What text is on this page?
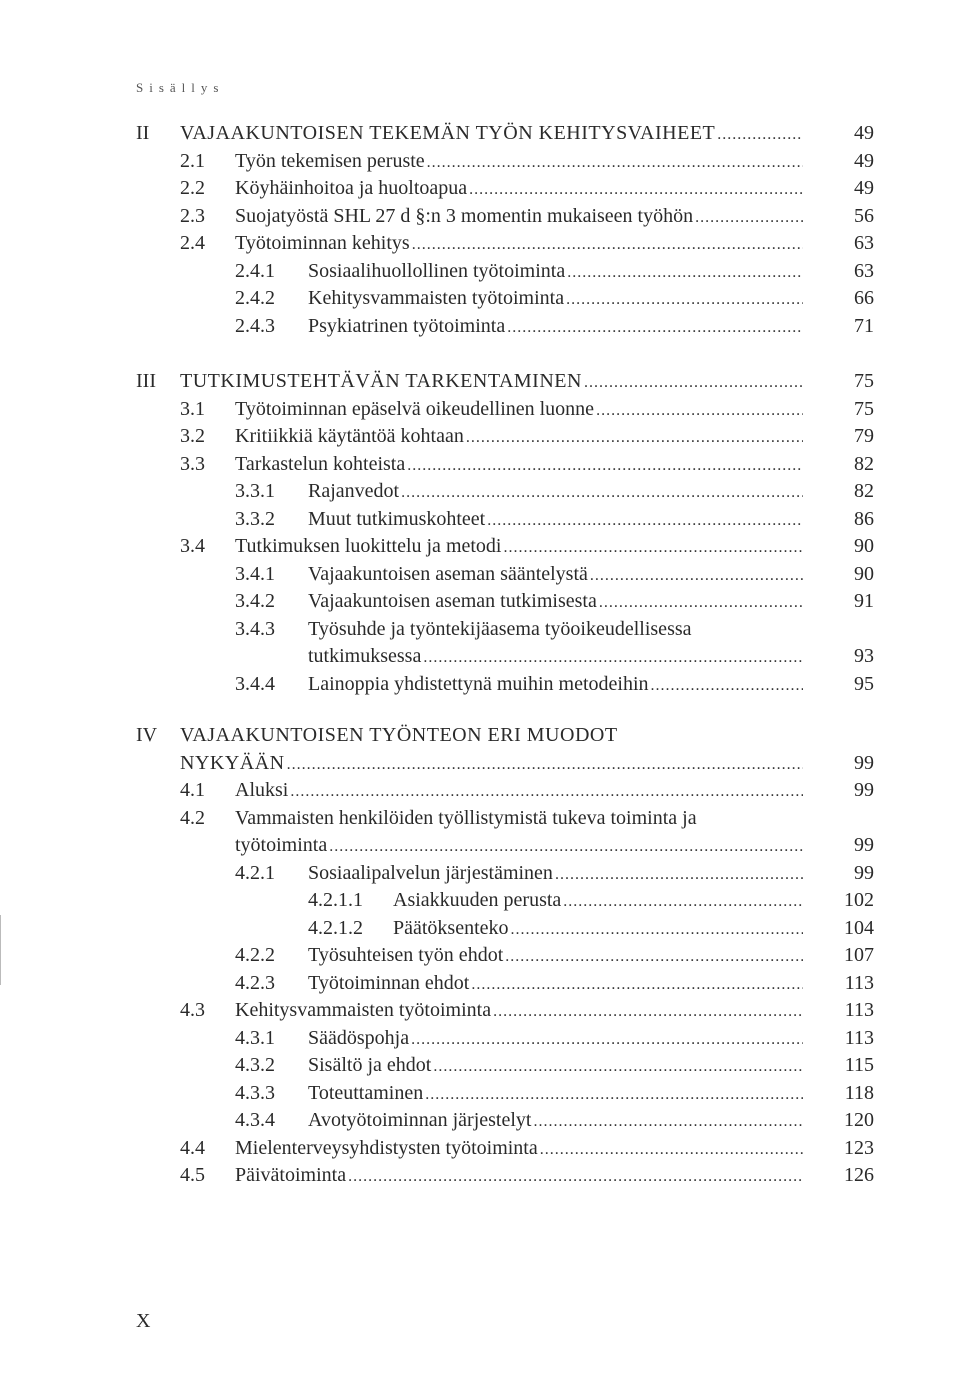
Sisällys
II	VAJAAKUNTOISEN TEKEMÄN TYÖN KEHITYSVAIHEET .....	49
2.1 Työn tekemisen peruste .....	49
2.2 Köyhäinhoitoa ja huoltoapua .....	49
2.3 Suojatyöstä SHL 27 d §:n 3 momentin mukaiseen työhön .....	56
2.4 Työtoiminnan kehitys .....	63
2.4.1 Sosiaalihuollollinen työtoiminta .....	63
2.4.2 Kehitysvammaisten työtoiminta .....	66
2.4.3 Psykiatrinen työtoiminta .....	71
III	TUTKIMUSTEHTÄVÄN TARKENTAMINEN .....	75
3.1 Työtoiminnan epäselvä oikeudellinen luonne .....	75
3.2 Kritiikkiä käytäntöä kohtaan .....	79
3.3 Tarkastelun kohteista .....	82
3.3.1 Rajanvedot .....	82
3.3.2 Muut tutkimuskohteet .....	86
3.4 Tutkimuksen luokittelu ja metodi .....	90
3.4.1 Vajaakuntoisen aseman sääntelystä .....	90
3.4.2 Vajaakuntoisen aseman tutkimisesta .....	91
3.4.3 Työsuhde ja työntekijäasema työoikeudellisessa
tutkimuksessa .....	93
3.4.4 Lainoppia yhdistettynä muihin metodeihin .....	95
IV	VAJAAKUNTOISEN TYÖNTEON ERI MUODOT
NYKYÄÄN .....	99
4.1 Aluksi .....	99
4.2 Vammaisten henkilöiden työllistymistä tukeva toiminta ja
työtoiminta .....	99
4.2.1 Sosiaalipalvelun järjestäminen .....	99
4.2.1.1 Asiakkuuden perusta .....	102
4.2.1.2 Päätöksenteko .....	104
4.2.2 Työsuhteisen työn ehdot .....	107
4.2.3 Työtoiminnan ehdot .....	113
4.3 Kehitysvammaisten työtoiminta .....	113
4.3.1 Säädöspohja .....	113
4.3.2 Sisältö ja ehdot .....	115
4.3.3 Toteuttaminen .....	118
4.3.4 Avotyötoiminnan järjestelyt .....	120
4.4 Mielenterveysyhdistysten työtoiminta .....	123
4.5 Päivätoiminta .....	126
X
